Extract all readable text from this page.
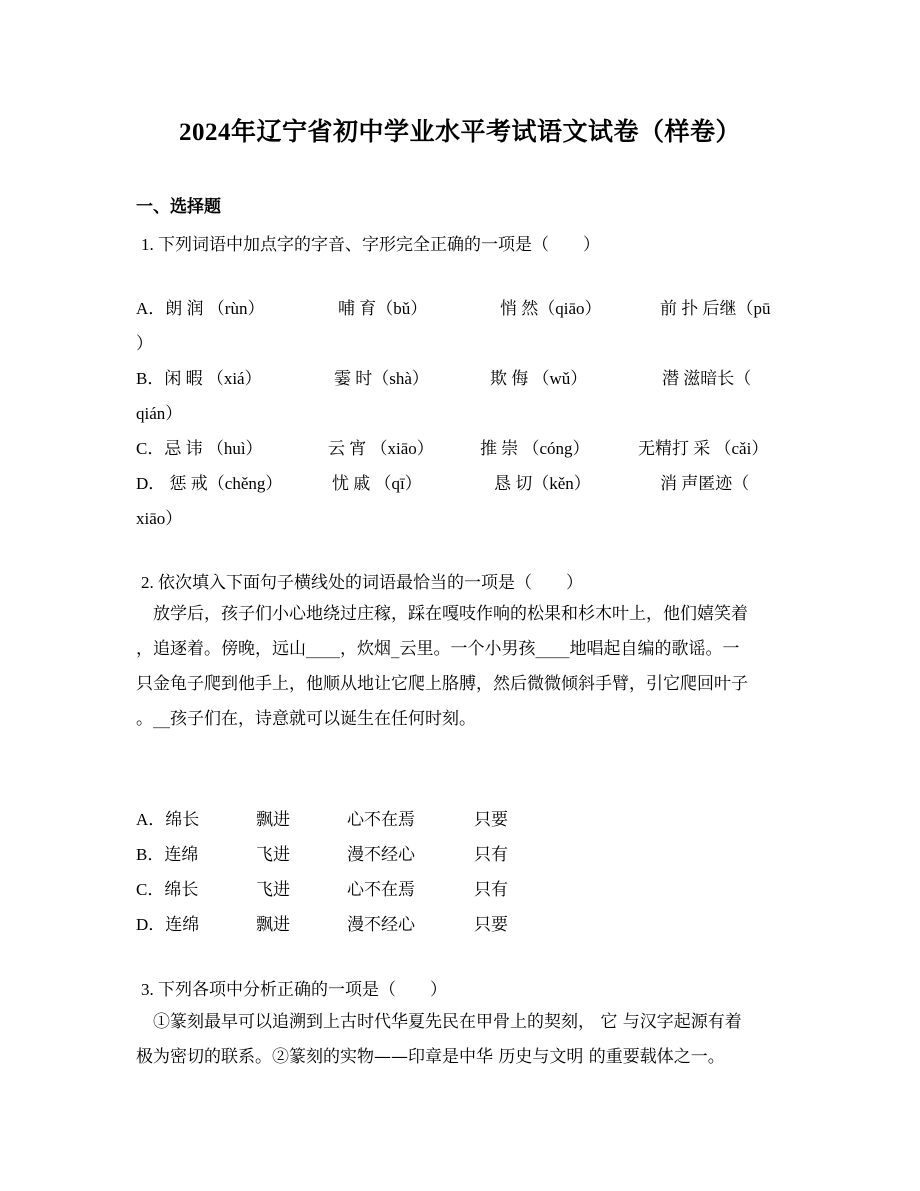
2024年辽宁省初中学业水平考试语文试卷（样卷）
一、选择题
1. 下列词语中加点字的字音、字形完全正确的一项是（　　）
A．朗 润 （rùn）	哺 育（bǔ）	悄 然（qiāo）	前 扑 后继（pū
）
B．闲 暇 （xiá）	霎 时（shà）	欺 侮 （wǔ）	潜 滋暗长（
qián）
C．忌 讳 （huì）	云 宵 （xiāo）	推 崇 （cóng）	无精打 采 （cǎi）
D． 惩 戒（chěng）	忧 戚 （qī）	恳 切（kěn）	消 声匿迹（
xiāo）
2. 依次填入下面句子横线处的词语最恰当的一项是（　　）
　放学后，孩子们小心地绕过庄稼，踩在嘎吱作响的松果和杉木叶上，他们嬉笑着
，追逐着。傍晚，远山____，炊烟_云里。一个小男孩____地唱起自编的歌谣。一
只金龟子爬到他手上，他顺从地让它爬上胳膊，然后微微倾斜手臂，引它爬回叶子
。__孩子们在，诗意就可以诞生在任何时刻。
A．绵长	飘进	心不在焉	只要
B．连绵	飞进	漫不经心	只有
C．绵长	飞进	心不在焉	只有
D．连绵	飘进	漫不经心	只要
3. 下列各项中分析正确的一项是（　　）
　①篆刻最早可以追溯到上古时代华夏先民在甲骨上的契刻， 它 与汉字起源有着
极为密切的联系。②篆刻的实物——印章是中华 历史与文明 的重要载体之一。
